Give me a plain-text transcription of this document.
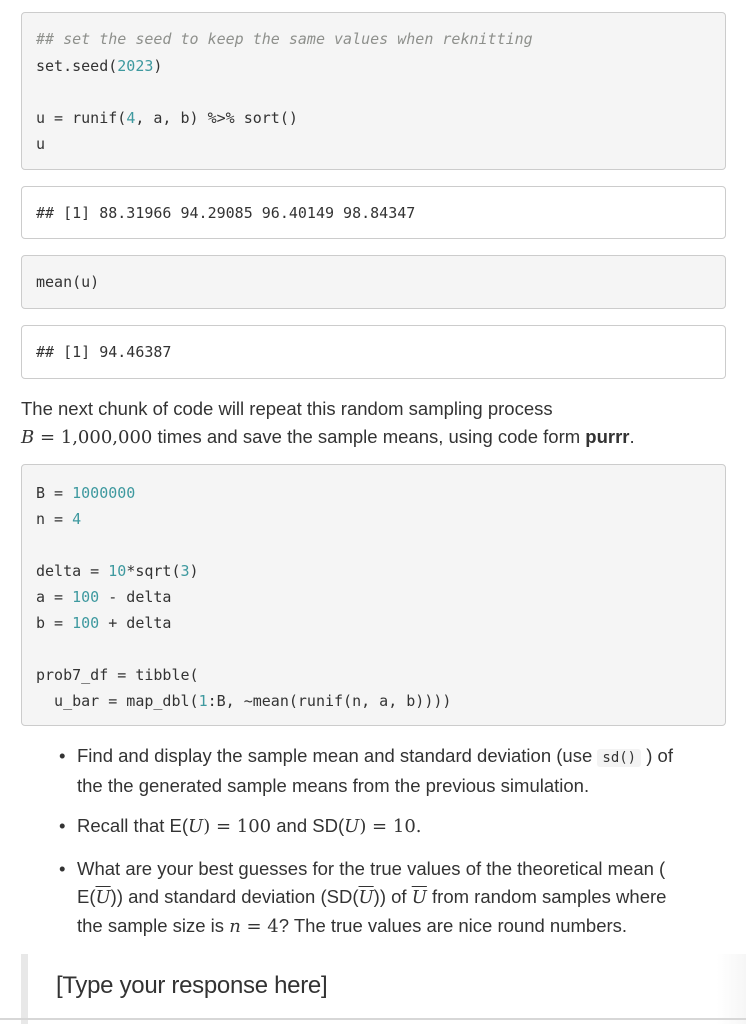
## set the seed to keep the same values when reknitting
set.seed(2023)
u = runif(4, a, b) %>% sort()
u
## [1] 88.31966 94.29085 96.40149 98.84347
mean(u)
## [1] 94.46387
The next chunk of code will repeat this random sampling process
B = 1,000,000 times and save the sample means, using code form purrr.
B = 1000000
n = 4
delta = 10*sqrt(3)
a = 100 - delta
b = 100 + delta
prob7_df = tibble(
u_bar = map_dbl(1:B, ~mean(runif(n, a, b))))
• Find and display the sample mean and standard deviation (use sd() ) of
the the generated sample means from the previous simulation.
• Recall that E(U) = 100 and SD(U) = 10.
• What are your best guesses for the true values of the theoretical mean (
$E(\overline{U})$) and standard deviation $(SD(\overline{U}))$ of $\overline{U}$ from random samples where
the sample size is n = 4? The true values are nice round numbers.
[Type your response here]
